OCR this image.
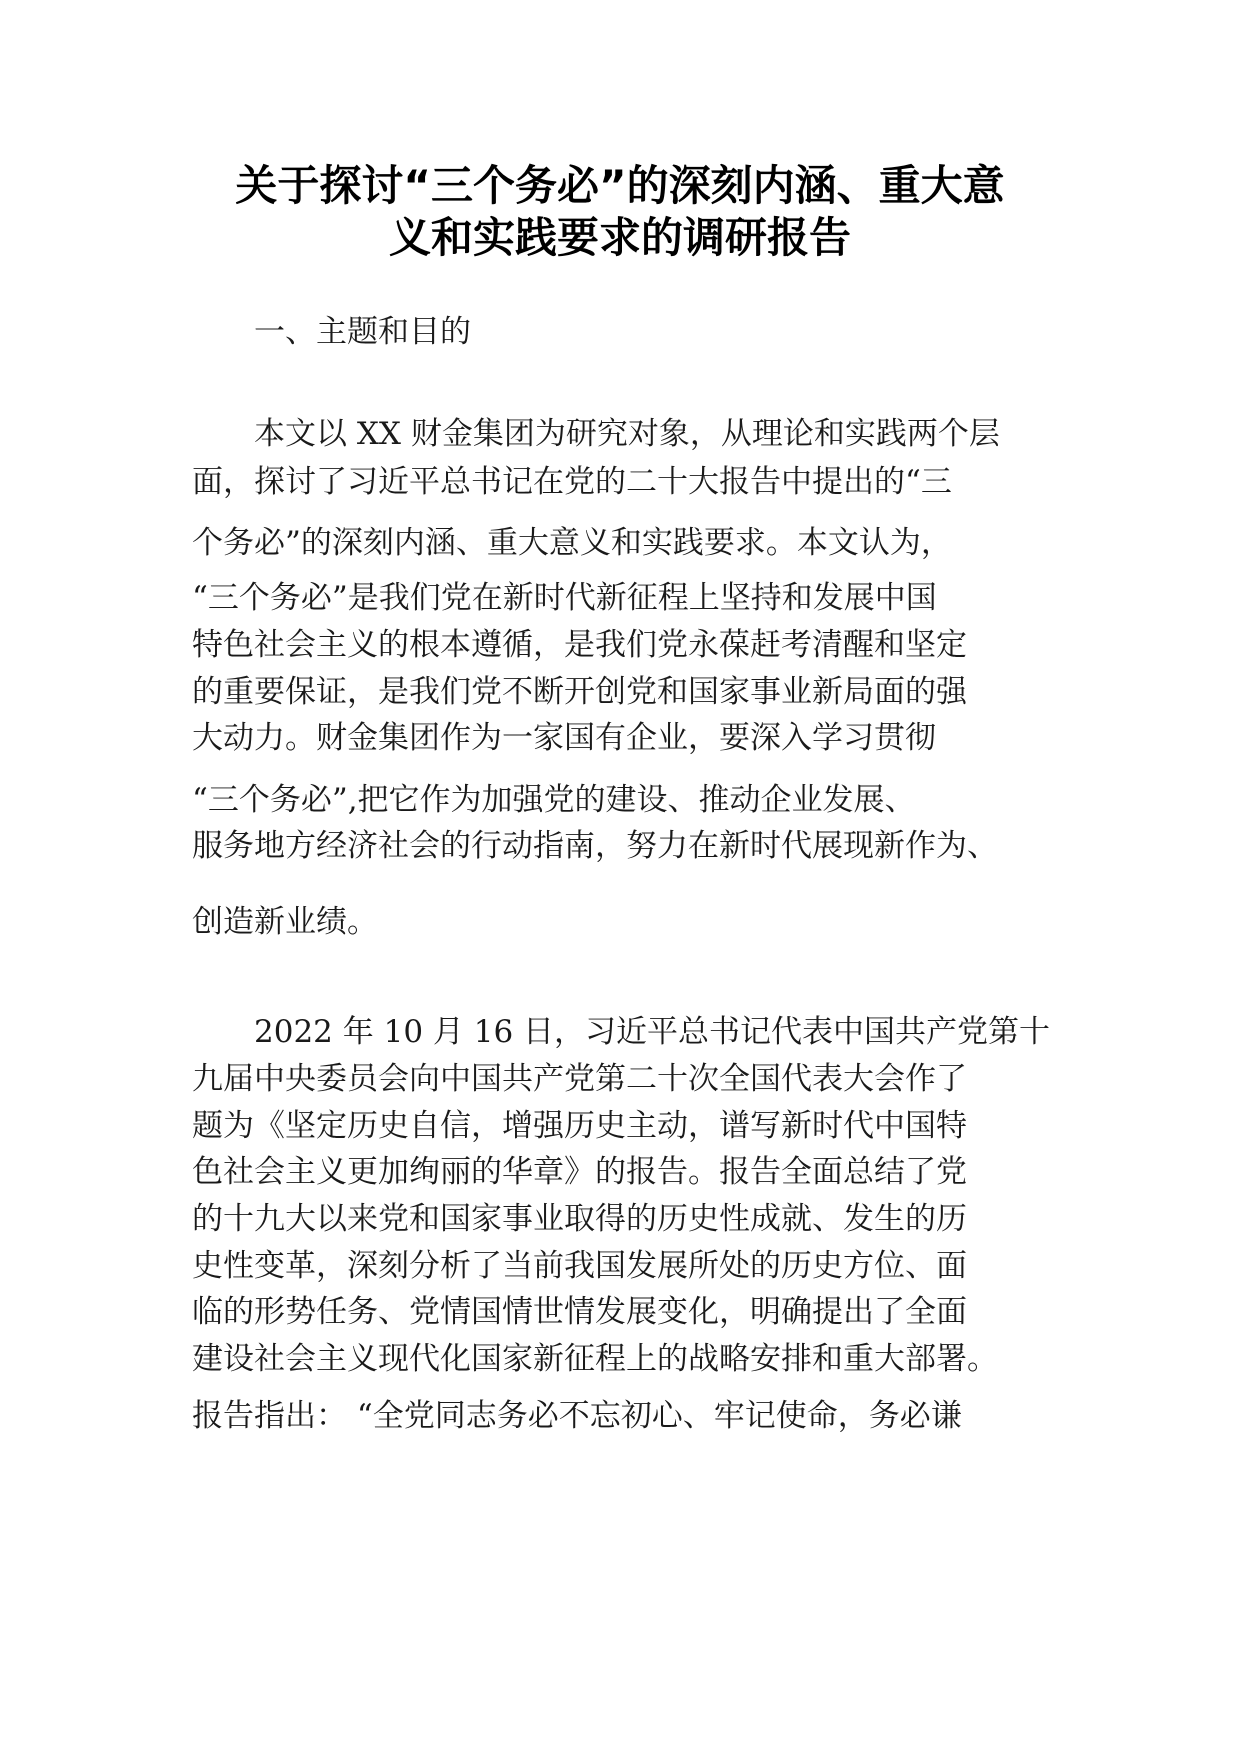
关于探讨“三个务必”的深刻内涵、重大意
义和实践要求的调研报告
一、主题和目的
本文以 XX 财金集团为研究对象，从理论和实践两个层
面，探讨了习近平总书记在党的二十大报告中提出的“三
个务必”的深刻内涵、重大意义和实践要求。本文认为，
“三个务必”是我们党在新时代新征程上坚持和发展中国
特色社会主义的根本遵循，是我们党永葆赶考清醒和坚定
的重要保证，是我们党不断开创党和国家事业新局面的强
大动力。财金集团作为一家国有企业，要深入学习贯彻
“三个务必”,把它作为加强党的建设、推动企业发展、
服务地方经济社会的行动指南，努力在新时代展现新作为、
创造新业绩。
2022 年 10 月 16 日，习近平总书记代表中国共产党第十
九届中央委员会向中国共产党第二十次全国代表大会作了
题为《坚定历史自信，增强历史主动，谱写新时代中国特
色社会主义更加绚丽的华章》的报告。报告全面总结了党
的十九大以来党和国家事业取得的历史性成就、发生的历
史性变革，深刻分析了当前我国发展所处的历史方位、面
临的形势任务、党情国情世情发展变化，明确提出了全面
建设社会主义现代化国家新征程上的战略安排和重大部署。
报告指出： “全党同志务必不忘初心、牢记使命，务必谦
